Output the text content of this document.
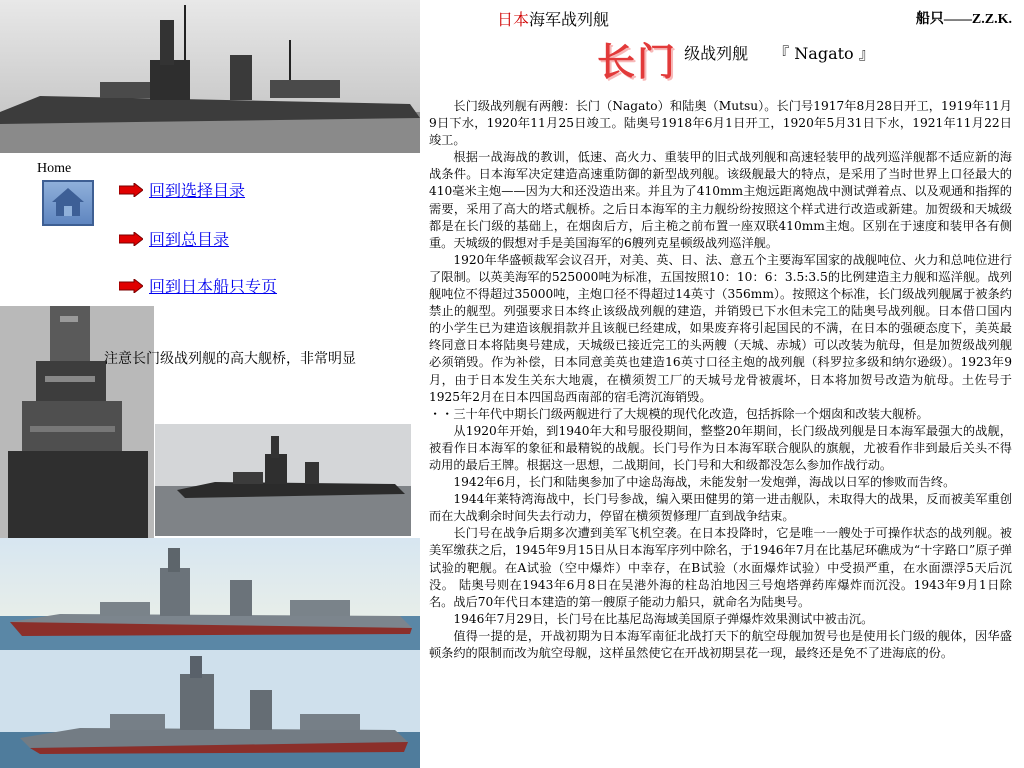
日本海军战列舰	船只——Z.Z.K.
长门 级战列舰 『 Nagato 』
Home
回到选择目录
回到总目录
回到日本船只专页
注意长门级战列舰的高大舰桥，非常明显

长门级战列舰有两艘：长门（Nagato）和陆奥（Mutsu）。长门号1917年8月28日开工，1919年11月9日下水，1920年11月25日竣工。陆奥号1918年6月1日开工，1920年5月31日下水，1921年11月22日竣工。

根据一战海战的教训，低速、高火力、重装甲的旧式战列舰和高速轻装甲的战列巡洋舰都不适应新的海战条件。日本海军决定建造高速重防御的新型战列舰。该级舰最大的特点，是采用了当时世界上口径最大的410毫米主炮——因为大和还没造出来。并且为了410mm主炮远距离炮战中测试弹着点、以及观通和指挥的需要，采用了高大的塔式舰桥。之后日本海军的主力舰纷纷按照这个样式进行改造或新建。加贺级和天城级都是在长门级的基础上，在烟囱后方，后主桅之前布置一座双联410mm主炮。区别在于速度和装甲各有侧重。天城级的假想对手是美国海军的6艘列克星顿级战列巡洋舰。

1920年华盛顿裁军会议召开，对美、英、日、法、意五个主要海军国家的战舰吨位、火力和总吨位进行了限制。以英美海军的525000吨为标准，五国按照10：10：6：3.5:3.5的比例建造主力舰和巡洋舰。战列舰吨位不得超过35000吨，主炮口径不得超过14英寸（356mm）。按照这个标准，长门级战列舰属于被条约禁止的舰型。列强要求日本终止该级战列舰的建造，并销毁已下水但未完工的陆奥号战列舰。日本借口国内的小学生已为建造该舰捐款并且该舰已经建成，如果废弃将引起国民的不满，在日本的强硬态度下，美英最终同意日本将陆奥号建成，天城级已接近完工的头两艘（天城、赤城）可以改装为航母，但是加贺级战列舰必须销毁。作为补偿，日本同意美英也建造16英寸口径主炮的战列舰（科罗拉多级和纳尔逊级）。1923年9月，由于日本发生关东大地震，在横须贺工厂的天城号龙骨被震坏，日本将加贺号改造为航母。土佐号于1925年2月在日本四国岛西南部的宿毛湾沉海销毁。

・・三十年代中期长门级两舰进行了大规模的现代化改造，包括拆除一个烟囱和改装大舰桥。

从1920年开始，到1940年大和号服役期间，整整20年期间，长门级战列舰是日本海军最强大的战舰，被看作日本海军的象征和最精锐的战舰。长门号作为日本海军联合舰队的旗舰，尤被看作非到最后关头不得动用的最后王牌。根据这一思想，二战期间，长门号和大和级都没怎么参加作战行动。

1942年6月，长门和陆奥参加了中途岛海战，未能发射一发炮弹，海战以日军的惨败而告终。

1944年莱特湾海战中，长门号参战，编入栗田健男的第一进击舰队，未取得大的战果，反而被美军重创而在大战剩余时间失去行动力，停留在横须贺修理厂直到战争结束。

长门号在战争后期多次遭到美军飞机空袭。在日本投降时，它是唯一一艘处于可操作状态的战列舰。被美军缴获之后，1945年9月15日从日本海军序列中除名，于1946年7月在比基尼环礁成为“十字路口”原子弹试验的靶舰。在A试验（空中爆炸）中幸存，在B试验（水面爆炸试验）中受损严重，在水面漂浮5天后沉没。 陆奥号则在1943年6月8日在吴港外海的柱岛泊地因三号炮塔弹药库爆炸而沉没。1943年9月1日除名。战后70年代日本建造的第一艘原子能动力船只，就命名为陆奥号。

1946年7月29日，长门号在比基尼岛海域美国原子弹爆炸效果测试中被击沉。

值得一提的是，开战初期为日本海军南征北战打天下的航空母舰加贺号也是使用长门级的舰体，因华盛顿条约的限制而改为航空母舰，这样虽然使它在开战初期昙花一现，最终还是免不了进海底的份。
